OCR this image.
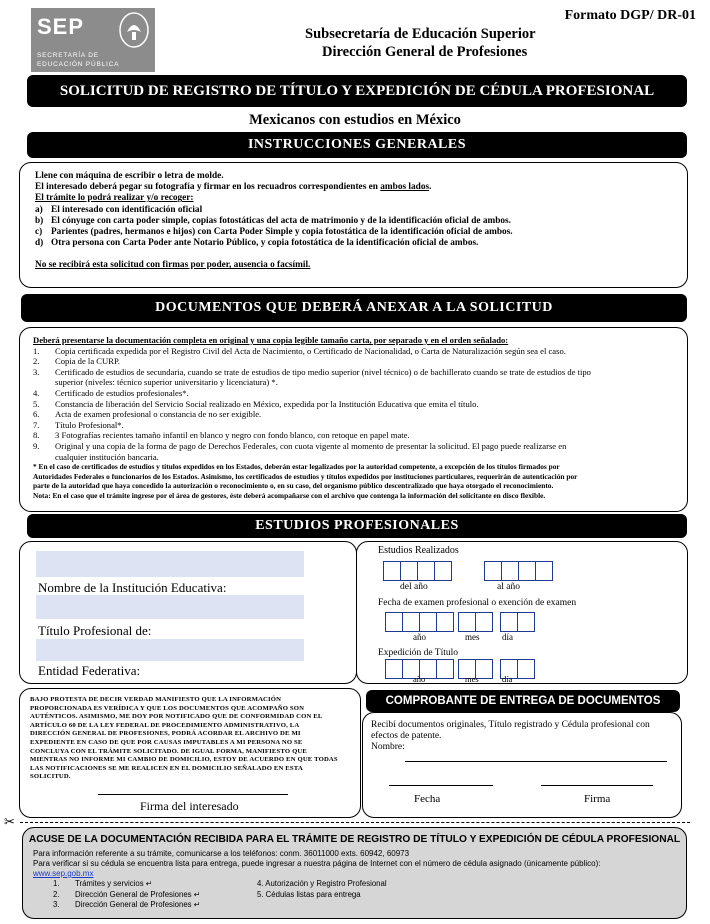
SEP
SECRETARÍA DE
EDUCACIÓN PÚBLICA
Formato DGP/ DR-01
Subsecretaría de Educación Superior
Dirección General de Profesiones
SOLICITUD DE REGISTRO DE TÍTULO Y EXPEDICIÓN DE CÉDULA PROFESIONAL
Mexicanos con estudios en México
INSTRUCCIONES GENERALES
Llene con máquina de escribir o letra de molde.
El interesado deberá pegar su fotografía y firmar en los recuadros correspondientes en ambos lados.
El trámite lo podrá realizar y/o recoger:
a) El interesado con identificación oficial
b) El cónyuge con carta poder simple, copias fotostáticas del acta de matrimonio y de la identificación oficial de ambos.
c) Parientes (padres, hermanos e hijos) con Carta Poder Simple y copia fotostática de la identificación oficial de ambos.
d) Otra persona con Carta Poder ante Notario Público, y copia fotostática de la identificación oficial de ambos.
No se recibirá esta solicitud con firmas por poder, ausencia o facsímil.
DOCUMENTOS QUE DEBERÁ ANEXAR A LA SOLICITUD
Deberá presentarse la documentación completa en original y una copia legible tamaño carta, por separado y en el orden señalado:
1. Copia certificada expedida por el Registro Civil del Acta de Nacimiento, o Certificado de Nacionalidad, o Carta de Naturalización según sea el caso.
2. Copia de la CURP.
3. Certificado de estudios de secundaria, cuando se trate de estudios de tipo medio superior (nivel técnico) o de bachillerato cuando se trate de estudios de tipo
superior (niveles: técnico superior universitario y licenciatura) *.
4. Certificado de estudios profesionales*.
5. Constancia de liberación del Servicio Social realizado en México, expedida por la Institución Educativa que emita el título.
6. Acta de examen profesional o constancia de no ser exigible.
7. Título Profesional*.
8. 3 Fotografías recientes tamaño infantil en blanco y negro con fondo blanco, con retoque en papel mate.
9. Original y una copia de la forma de pago de Derechos Federales, con cuota vigente al momento de presentar la solicitud. El pago puede realizarse en
cualquier institución bancaria.
* En el caso de certificados de estudios y títulos expedidos en los Estados, deberán estar legalizados por la autoridad competente, a excepción de los títulos firmados por
Autoridades Federales o funcionarios de los Estados. Asimismo, los certificados de estudios y títulos expedidos por instituciones particulares, requerirán de autenticación por
parte de la autoridad que haya concedido la autorización o reconocimiento o, en su caso, del organismo público descentralizado que haya otorgado el reconocimiento.
Nota: En el caso que el trámite ingrese por el área de gestores, éste deberá acompañarse con el archivo que contenga la información del solicitante en disco flexible.
ESTUDIOS PROFESIONALES
Nombre de la Institución Educativa:
Título Profesional de:
Entidad Federativa:
Estudios Realizados
del año	al año
Fecha de examen profesional o exención de examen
año	mes	día
Expedición de Título
año	mes	día
BAJO PROTESTA DE DECIR VERDAD MANIFIESTO QUE LA INFORMACIÓN
PROPORCIONADA ES VERÍDICA Y QUE LOS DOCUMENTOS QUE ACOMPAÑO SON
AUTÉNTICOS. ASIMISMO, ME DOY POR NOTIFICADO QUE DE CONFORMIDAD CON EL
ARTÍCULO 60 DE LA LEY FEDERAL DE PROCEDIMIENTO ADMINISTRATIVO, LA
DIRECCIÓN GENERAL DE PROFESIONES, PODRÁ ACORDAR EL ARCHIVO DE MI
EXPEDIENTE EN CASO DE QUE POR CAUSAS IMPUTABLES A MI PERSONA NO SE
CONCLUYA CON EL TRÁMITE SOLICITADO. DE IGUAL FORMA, MANIFIESTO QUE
MIENTRAS NO INFORME MI CAMBIO DE DOMICILIO, ESTOY DE ACUERDO EN QUE TODAS
LAS NOTIFICACIONES SE ME REALICEN EN EL DOMICILIO SEÑALADO EN ESTA
SOLICITUD.
Firma del interesado
COMPROBANTE DE ENTREGA DE DOCUMENTOS
Recibí documentos originales, Título registrado y Cédula profesional con
efectos de patente.
Nombre:
Fecha	Firma
✂
ACUSE DE LA DOCUMENTACIÓN RECIBIDA PARA EL TRÁMITE DE REGISTRO DE TÍTULO Y EXPEDICIÓN DE CÉDULA PROFESIONAL
Para información referente a su trámite, comunicarse a los teléfonos: conm. 36011000 exts. 60942, 60973
Para verificar si su cédula se encuentra lista para entrega, puede ingresar a nuestra página de Internet con el número de cédula asignado (únicamente público):
www.sep.gob.mx
1. Trámites y servicios ↵
2. Dirección General de Profesiones ↵
3. Dirección General de Profesiones ↵
4. Autorización y Registro Profesional
5. Cédulas listas para entrega
